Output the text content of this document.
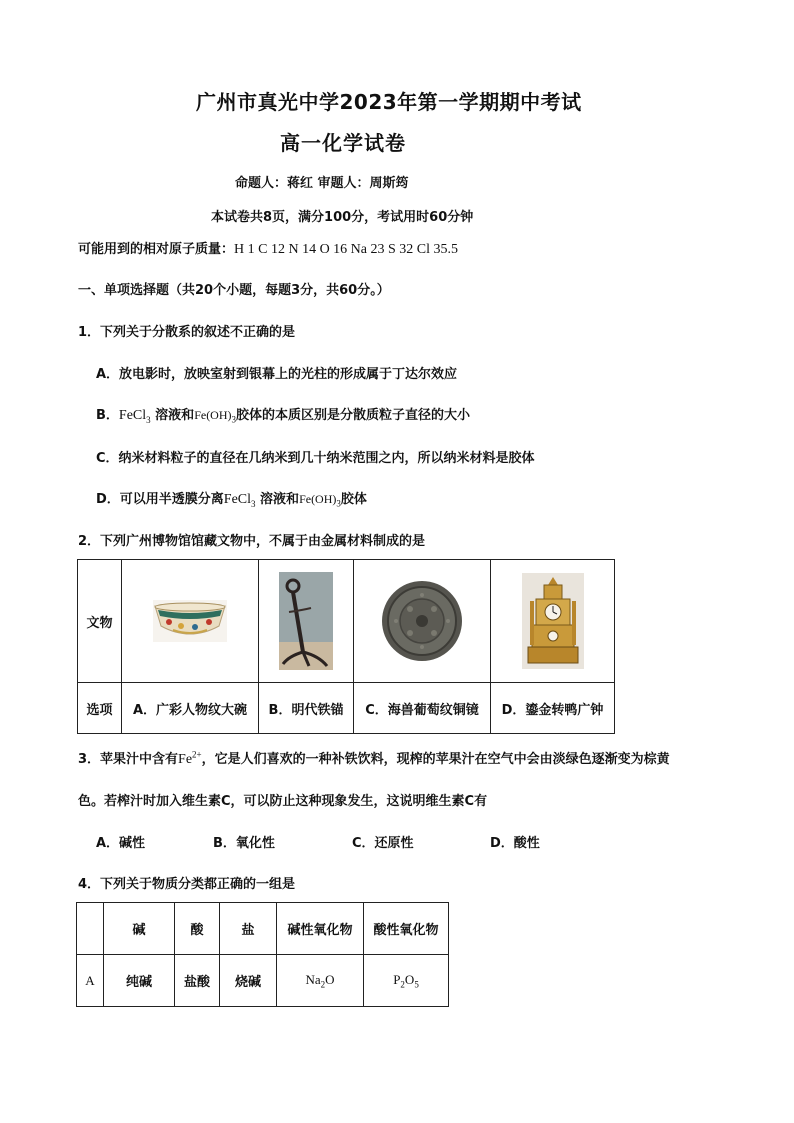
广州市真光中学2023年第一学期期中考试
高一化学试卷
命题人：蒋红 审题人：周斯筠
本试卷共8页，满分100分，考试用时60分钟
可能用到的相对原子质量：H 1 C 12 N 14 O 16 Na 23 S 32 Cl 35.5
一、单项选择题（共20个小题，每题3分，共60分。）
1．下列关于分散系的叙述不正确的是
A．放电影时，放映室射到银幕上的光柱的形成属于丁达尔效应
B．FeCl$_3$ 溶液和$Fe(OH)_3$胶体的本质区别是分散质粒子直径的大小
C．纳米材料粒子的直径在几纳米到几十纳米范围之内，所以纳米材料是胶体
D．可以用半透膜分离FeCl$_3$ 溶液和$Fe(OH)_3$胶体
2．下列广州博物馆馆藏文物中，不属于由金属材料制成的是
文物	

选项	A．广彩人物纹大碗	B．明代铁锚	C．海兽葡萄纹铜镜	D．鎏金转鸭广钟
3．苹果汁中含有$Fe^{2+}$，它是人们喜欢的一种补铁饮料，现榨的苹果汁在空气中会由淡绿色逐渐变为棕黄
色。若榨汁时加入维生素C，可以防止这种现象发生，这说明维生素C有
A．碱性	B．氧化性	C．还原性	D．酸性
4．下列关于物质分类都正确的一组是
	碱	酸	盐	碱性氧化物	酸性氧化物
A	纯碱	盐酸	烧碱	$Na_2O$	$P_2O_5$
